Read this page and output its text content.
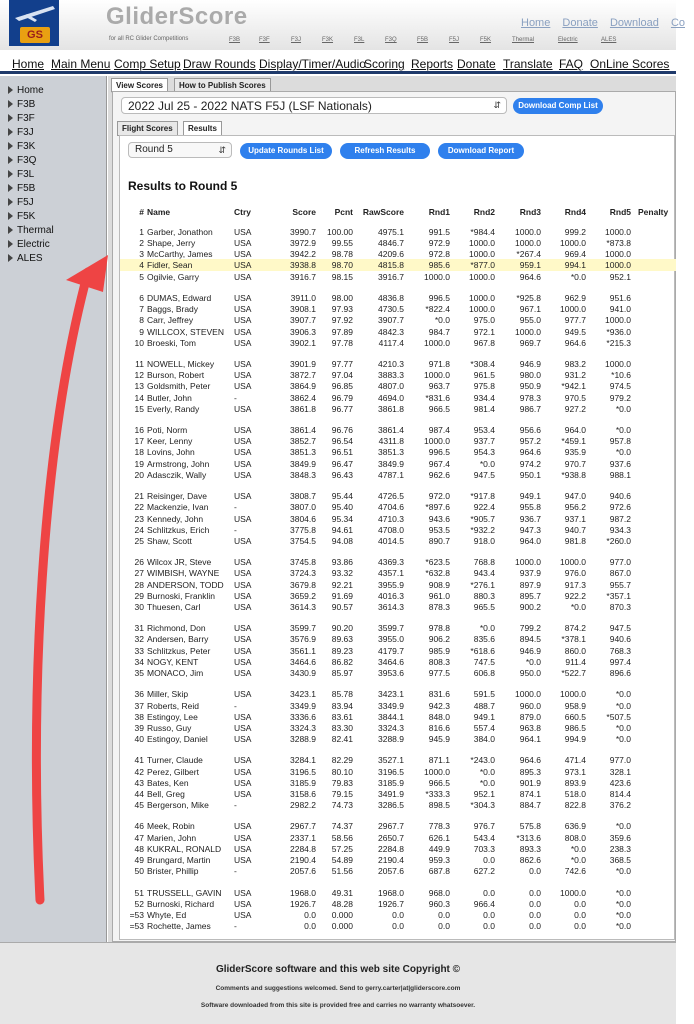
GS
GliderScore
for all RC Glider Competitions	F3B	F3F	F3J	F3K	F3L	F3Q	F5B	F5J	F5K	Thermal	Electric	ALES
Home Donate Download Co
Home Main Menu Comp Setup Draw Rounds Display/Timer/Audio
Scoring Reports Donate Translate FAQ OnLine Scores
Home
F3B
F3F
F3J
F3K
F3Q
F3L
F5B
F5J
F5K
Thermal
Electric
ALES
View Scores	How to Publish Scores
2022 Jul 25 - 2022 NATS F5J (LSF Nationals)	⇵	Download Comp List
Flight Scores	Results
Round 5	⇵	Update Rounds List	Refresh Results	Download Report
Results to Round 5
# Name	Ctry	Score	Pcnt	RawScore	Rnd1	Rnd2	Rnd3	Rnd4	Rnd5 Penalty
1 Garber, Jonathon	USA	3990.7	100.00	4975.1	991.5	*984.4	1000.0	999.2	1000.0
2 Shape, Jerry	USA	3972.9	99.55	4846.7	972.9	1000.0	1000.0	1000.0	*873.8
3 McCarthy, James	USA	3942.2	98.78	4209.6	972.8	1000.0	*267.4	969.4	1000.0
4 Fidler, Sean	USA	3938.8	98.70	4815.8	985.6	*877.0	959.1	994.1	1000.0
5 Ogilvie, Garry	USA	3916.7	98.15	3916.7	1000.0	1000.0	964.6	*0.0	952.1
6 DUMAS, Edward	USA	3911.0	98.00	4836.8	996.5	1000.0	*925.8	962.9	951.6
7 Baggs, Brady	USA	3908.1	97.93	4730.5	*822.4	1000.0	967.1	1000.0	941.0
8 Carr, Jeffrey	USA	3907.7	97.92	3907.7	*0.0	975.0	955.0	977.7	1000.0
9 WILLCOX, STEVEN USA	3906.3	97.89	4842.3	984.7	972.1	1000.0	949.5	*936.0
10 Broeski, Tom	USA	3902.1	97.78	4117.4	1000.0	967.8	969.7	964.6	*215.3
11 NOWELL, Mickey USA	3901.9	97.77	4210.3	971.8	*308.4	946.9	983.2	1000.0
12 Burson, Robert	USA	3872.7	97.04	3883.3	1000.0	961.5	980.0	931.2	*10.6
13 Goldsmith, Peter	USA	3864.9	96.85	4807.0	963.7	975.8	950.9	*942.1	974.5
14 Butler, John	-	3862.4	96.79	4694.0	*831.6	934.4	978.3	970.5	979.2
15 Everly, Randy	USA	3861.8	96.77	3861.8	966.5	981.4	986.7	927.2	*0.0
16 Poti, Norm	USA	3861.4	96.76	3861.4	987.4	953.4	956.6	964.0	*0.0
17 Keer, Lenny	USA	3852.7	96.54	4311.8	1000.0	937.7	957.2	*459.1	957.8
18 Lovins, John	USA	3851.3	96.51	3851.3	996.5	954.3	964.6	935.9	*0.0
19 Armstrong, John	USA	3849.9	96.47	3849.9	967.4	*0.0	974.2	970.7	937.6
20 Adasczik, Wally	USA	3848.3	96.43	4787.1	962.6	947.5	950.1	*938.8	988.1
21 Reisinger, Dave	USA	3808.7	95.44	4726.5	972.0	*917.8	949.1	947.0	940.6
22 Mackenzie, Ivan	-	3807.0	95.40	4704.6	*897.6	922.4	955.8	956.2	972.6
23 Kennedy, John	USA	3804.6	95.34	4710.3	943.6	*905.7	936.7	937.1	987.2
24 Schlitzkus, Erich	-	3775.8	94.61	4708.0	953.5	*932.2	947.3	940.7	934.3
25 Shaw, Scott	USA	3754.5	94.08	4014.5	890.7	918.0	964.0	981.8	*260.0
26 Wilcox JR, Steve	USA	3745.8	93.86	4369.3	*623.5	768.8	1000.0	1000.0	977.0
27 WIMBISH, WAYNE USA	3724.3	93.32	4357.1	*632.8	943.4	937.9	976.0	867.0
28 ANDERSON, TODD USA	3679.8	92.21	3955.9	908.9	*276.1	897.9	917.3	955.7
29 Burnoski, Franklin USA	3659.2	91.69	4016.3	961.0	880.3	895.7	922.2	*357.1
30 Thuesen, Carl	USA	3614.3	90.57	3614.3	878.3	965.5	900.2	*0.0	870.3
31 Richmond, Don	USA	3599.7	90.20	3599.7	978.8	*0.0	799.2	874.2	947.5
32 Andersen, Barry	USA	3576.9	89.63	3955.0	906.2	835.6	894.5	*378.1	940.6
33 Schlitzkus, Peter	USA	3561.1	89.23	4179.7	985.9	*618.6	946.9	860.0	768.3
34 NOGY, KENT	USA	3464.6	86.82	3464.6	808.3	747.5	*0.0	911.4	997.4
35 MONACO, Jim	USA	3430.9	85.97	3953.6	977.5	606.8	950.0	*522.7	896.6
36 Miller, Skip	USA	3423.1	85.78	3423.1	831.6	591.5	1000.0	1000.0	*0.0
37 Roberts, Reid	-	3349.9	83.94	3349.9	942.3	488.7	960.0	958.9	*0.0
38 Estingoy, Lee	USA	3336.6	83.61	3844.1	848.0	949.1	879.0	660.5	*507.5
39 Russo, Guy	USA	3324.3	83.30	3324.3	816.6	557.4	963.8	986.5	*0.0
40 Estingoy, Daniel	USA	3288.9	82.41	3288.9	945.9	384.0	964.1	994.9	*0.0
41 Turner, Claude	USA	3284.1	82.29	3527.1	871.1	*243.0	964.6	471.4	977.0
42 Perez, Gilbert	USA	3196.5	80.10	3196.5	1000.0	*0.0	895.3	973.1	328.1
43 Bates, Ken	USA	3185.9	79.83	3185.9	966.5	*0.0	901.9	893.9	423.6
44 Bell, Greg	USA	3158.6	79.15	3491.9	*333.3	952.1	874.1	518.0	814.4
45 Bergerson, Mike	-	2982.2	74.73	3286.5	898.5	*304.3	884.7	822.8	376.2
46 Meek, Robin	USA	2967.7	74.37	2967.7	778.3	976.7	575.8	636.9	*0.0
47 Marien, John	USA	2337.1	58.56	2650.7	626.1	543.4	*313.6	808.0	359.6
48 KUKRAL, RONALD USA	2284.8	57.25	2284.8	449.9	703.3	893.3	*0.0	238.3
49 Brungard, Martin	USA	2190.4	54.89	2190.4	959.3	0.0	862.6	*0.0	368.5
50 Brister, Phillip	-	2057.6	51.56	2057.6	687.8	627.2	0.0	742.6	*0.0
51 TRUSSELL, GAVIN USA	1968.0	49.31	1968.0	968.0	0.0	0.0	1000.0	*0.0
52 Burnoski, Richard USA	1926.7	48.28	1926.7	960.3	966.4	0.0	0.0	*0.0
=53 Whyte, Ed	USA	0.0	0.000	0.0	0.0	0.0	0.0	0.0	*0.0
=53 Rochette, James	-	0.0	0.000	0.0	0.0	0.0	0.0	0.0	*0.0
GliderScore software and this web site Copyright ©
Comments and suggestions welcomed. Send to gerry.carter|at|gliderscore.com
Software downloaded from this site is provided free and carries no warranty whatsoever.
